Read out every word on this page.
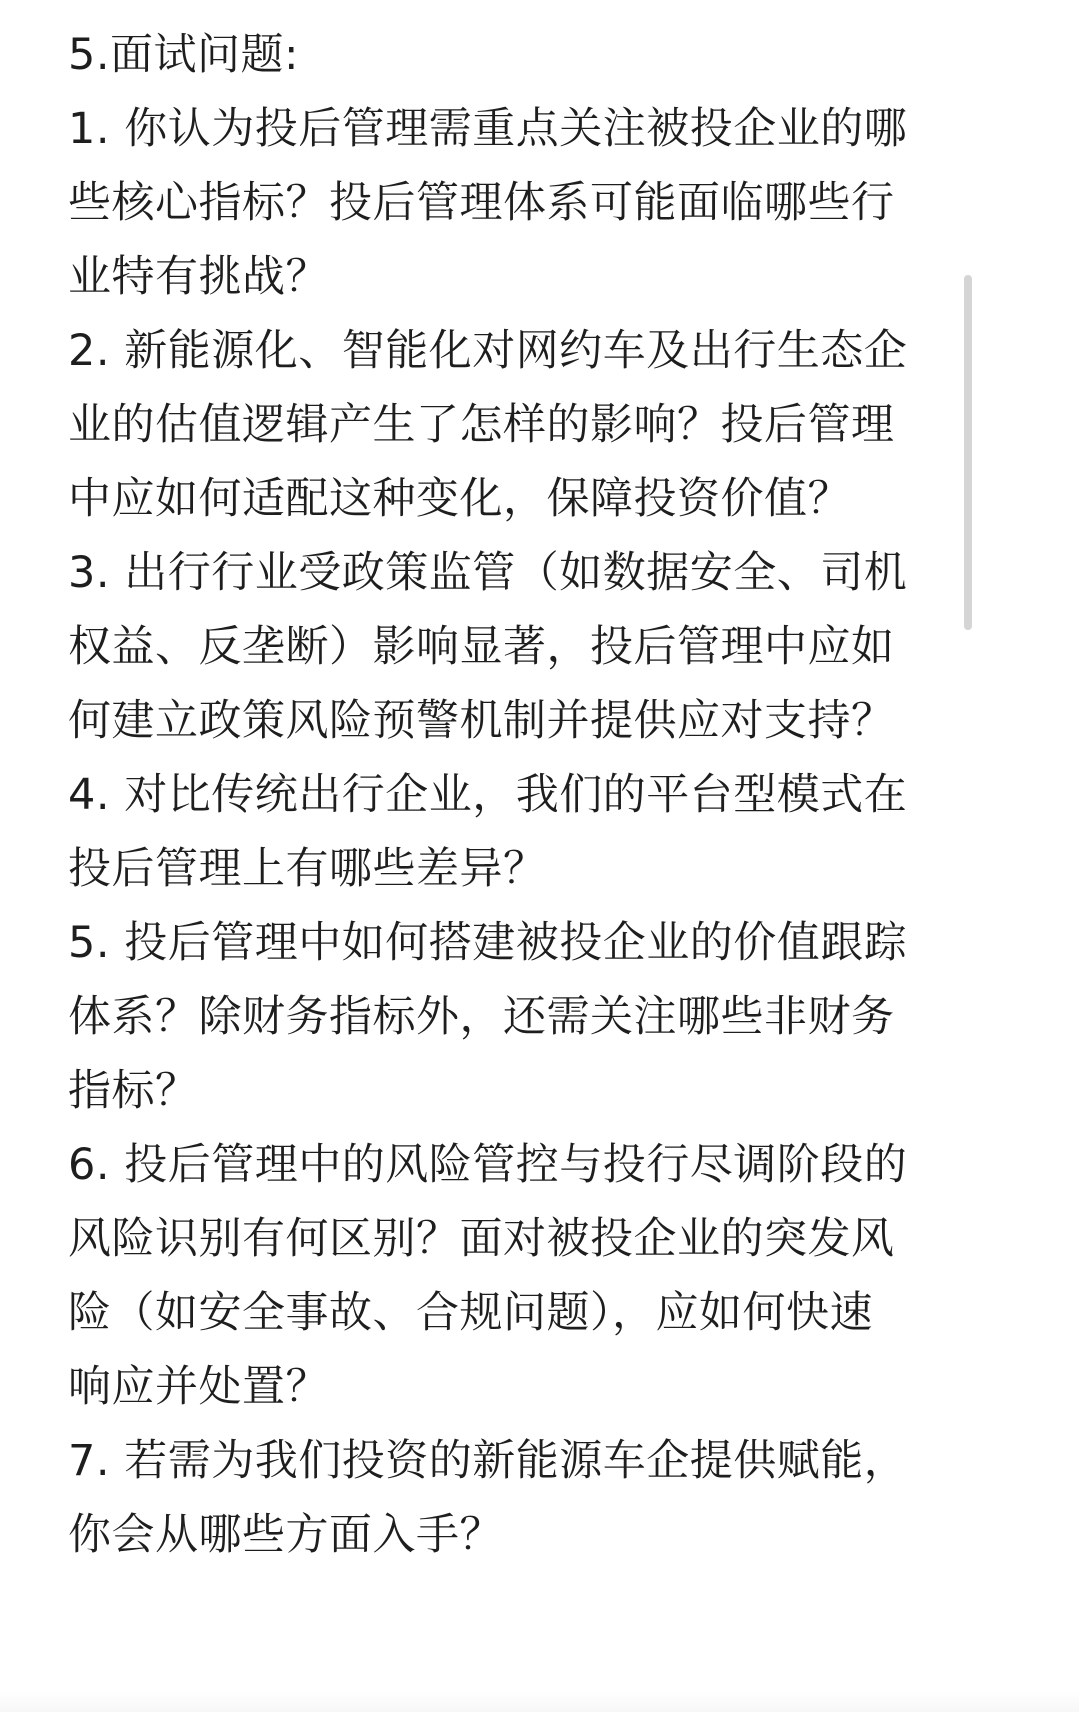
5.面试问题:

1. 你认为投后管理需重点关注被投企业的哪些核心指标？投后管理体系可能面临哪些行业特有挑战？

2. 新能源化、智能化对网约车及出行生态企业的估值逻辑产生了怎样的影响？投后管理中应如何适配这种变化，保障投资价值？

3. 出行行业受政策监管（如数据安全、司机权益、反垄断）影响显著，投后管理中应如何建立政策风险预警机制并提供应对支持？

4. 对比传统出行企业，我们的平台型模式在投后管理上有哪些差异？

5. 投后管理中如何搭建被投企业的价值跟踪体系？除财务指标外，还需关注哪些非财务指标？

6. 投后管理中的风险管控与投行尽调阶段的风险识别有何区别？面对被投企业的突发风险（如安全事故、合规问题），应如何快速响应并处置？

7. 若需为我们投资的新能源车企提供赋能，你会从哪些方面入手？
